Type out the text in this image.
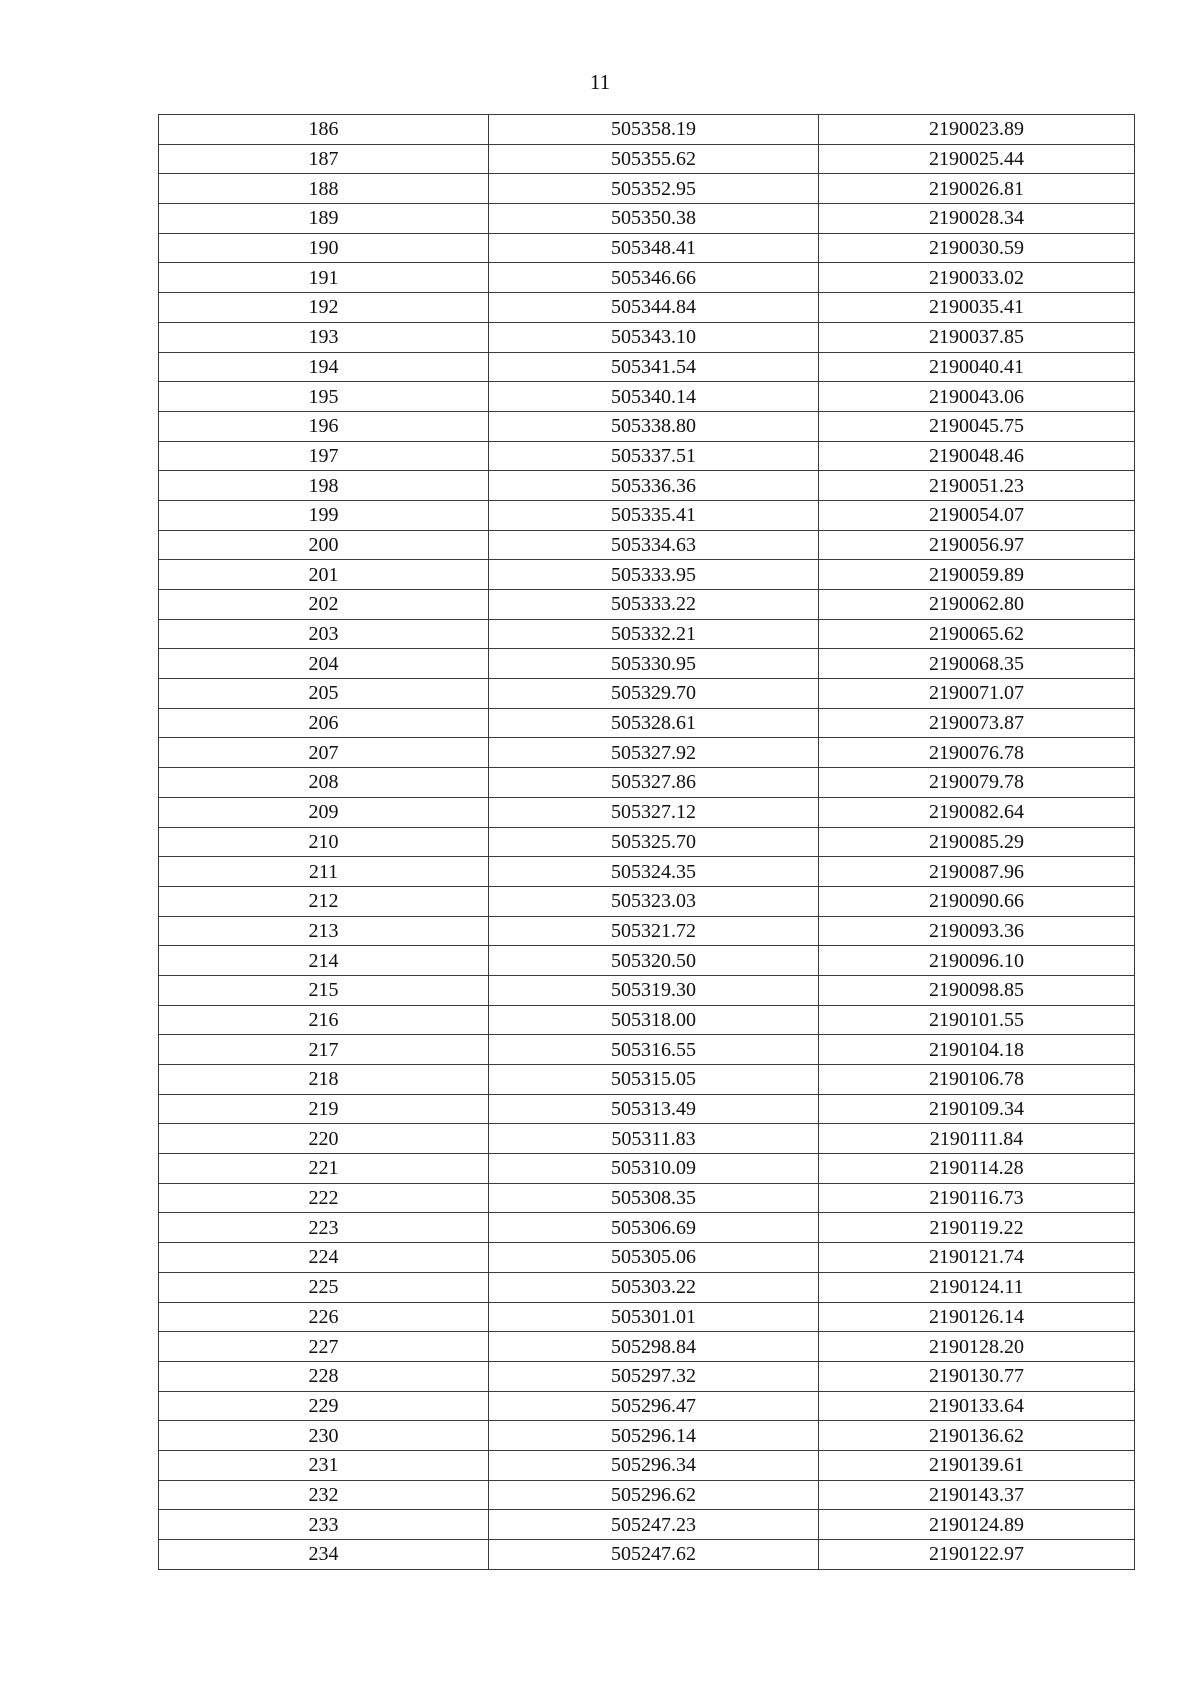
11
186	505358.19	2190023.89
187	505355.62	2190025.44
188	505352.95	2190026.81
189	505350.38	2190028.34
190	505348.41	2190030.59
191	505346.66	2190033.02
192	505344.84	2190035.41
193	505343.10	2190037.85
194	505341.54	2190040.41
195	505340.14	2190043.06
196	505338.80	2190045.75
197	505337.51	2190048.46
198	505336.36	2190051.23
199	505335.41	2190054.07
200	505334.63	2190056.97
201	505333.95	2190059.89
202	505333.22	2190062.80
203	505332.21	2190065.62
204	505330.95	2190068.35
205	505329.70	2190071.07
206	505328.61	2190073.87
207	505327.92	2190076.78
208	505327.86	2190079.78
209	505327.12	2190082.64
210	505325.70	2190085.29
211	505324.35	2190087.96
212	505323.03	2190090.66
213	505321.72	2190093.36
214	505320.50	2190096.10
215	505319.30	2190098.85
216	505318.00	2190101.55
217	505316.55	2190104.18
218	505315.05	2190106.78
219	505313.49	2190109.34
220	505311.83	2190111.84
221	505310.09	2190114.28
222	505308.35	2190116.73
223	505306.69	2190119.22
224	505305.06	2190121.74
225	505303.22	2190124.11
226	505301.01	2190126.14
227	505298.84	2190128.20
228	505297.32	2190130.77
229	505296.47	2190133.64
230	505296.14	2190136.62
231	505296.34	2190139.61
232	505296.62	2190143.37
233	505247.23	2190124.89
234	505247.62	2190122.97
